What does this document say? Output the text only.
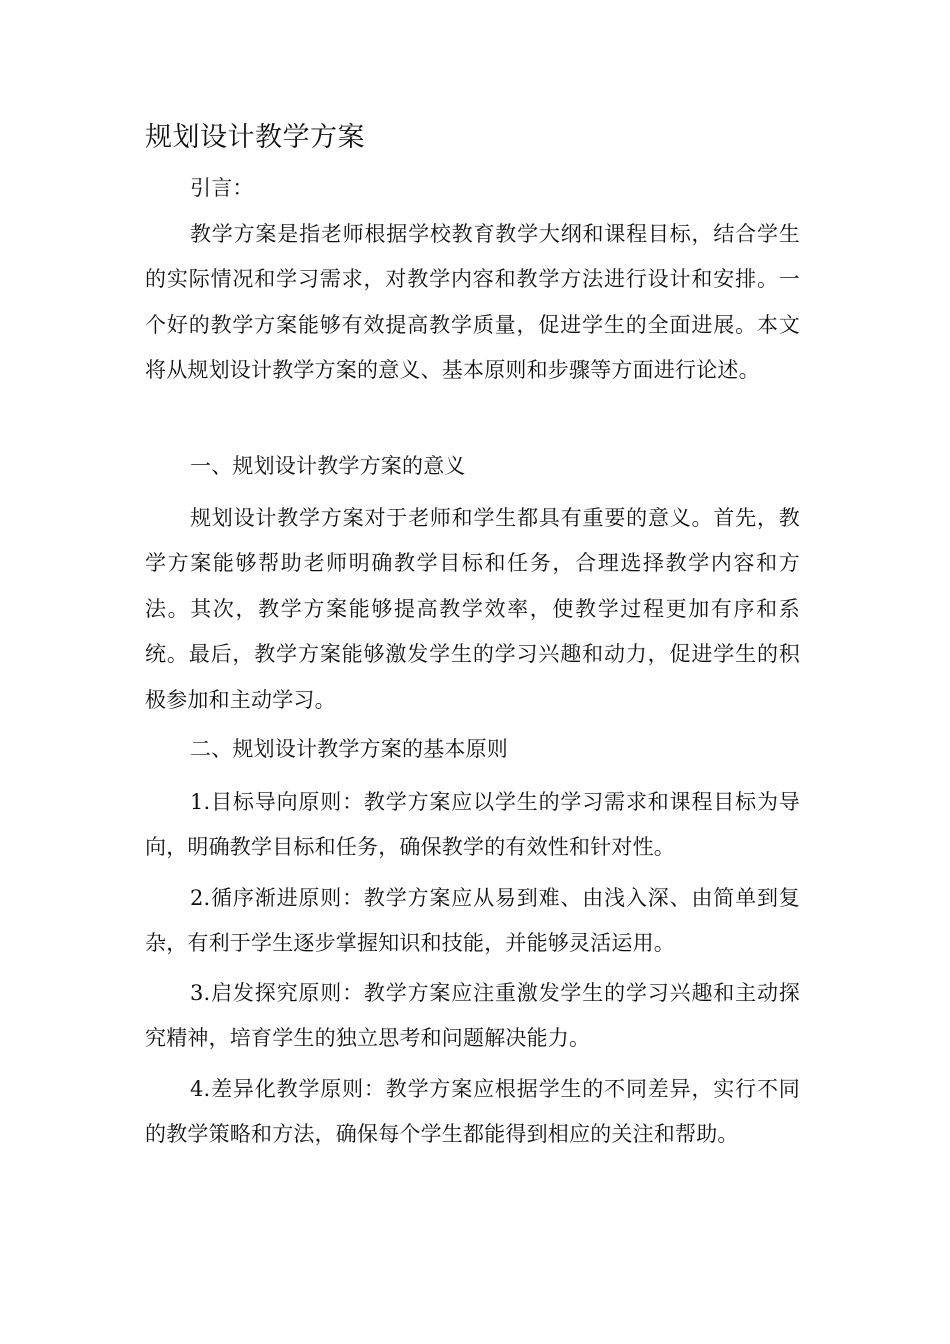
规划设计教学方案

引言：

教学方案是指老师根据学校教育教学大纲和课程目标，结合学生的实际情况和学习需求，对教学内容和教学方法进行设计和安排。一个好的教学方案能够有效提高教学质量，促进学生的全面进展。本文将从规划设计教学方案的意义、基本原则和步骤等方面进行论述。

一、规划设计教学方案的意义

规划设计教学方案对于老师和学生都具有重要的意义。首先，教学方案能够帮助老师明确教学目标和任务，合理选择教学内容和方法。其次，教学方案能够提高教学效率，使教学过程更加有序和系统。最后，教学方案能够激发学生的学习兴趣和动力，促进学生的积极参加和主动学习。

二、规划设计教学方案的基本原则

1.目标导向原则：教学方案应以学生的学习需求和课程目标为导向，明确教学目标和任务，确保教学的有效性和针对性。

2.循序渐进原则：教学方案应从易到难、由浅入深、由简单到复杂，有利于学生逐步掌握知识和技能，并能够灵活运用。

3.启发探究原则：教学方案应注重激发学生的学习兴趣和主动探究精神，培育学生的独立思考和问题解决能力。

4.差异化教学原则：教学方案应根据学生的不同差异，实行不同的教学策略和方法，确保每个学生都能得到相应的关注和帮助。
